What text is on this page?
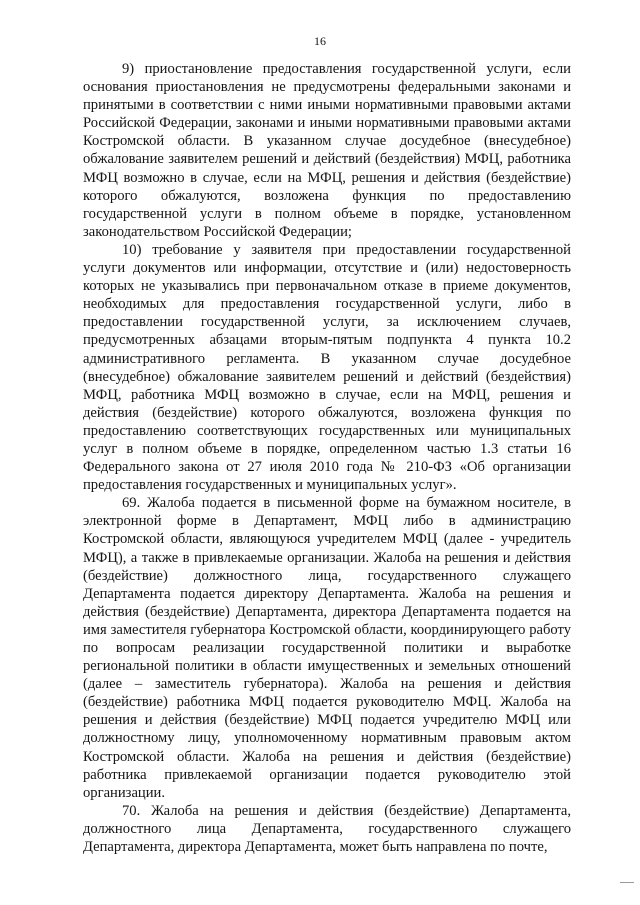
16

9) приостановление предоставления государственной услуги, если основания приостановления не предусмотрены федеральными законами и принятыми в соответствии с ними иными нормативными правовыми актами Российской Федерации, законами и иными нормативными правовыми актами Костромской области. В указанном случае досудебное (внесудебное) обжалование заявителем решений и действий (бездействия) МФЦ, работника МФЦ возможно в случае, если на МФЦ, решения и действия (бездействие) которого обжалуются, возложена функция по предоставлению государственной услуги в полном объеме в порядке, установленном законодательством Российской Федерации;

10) требование у заявителя при предоставлении государственной услуги документов или информации, отсутствие и (или) недостоверность которых не указывались при первоначальном отказе в приеме документов, необходимых для предоставления государственной услуги, либо в предоставлении государственной услуги, за исключением случаев, предусмотренных абзацами вторым-пятым подпункта 4 пункта 10.2 административного регламента. В указанном случае досудебное (внесудебное) обжалование заявителем решений и действий (бездействия) МФЦ, работника МФЦ возможно в случае, если на МФЦ, решения и действия (бездействие) которого обжалуются, возложена функция по предоставлению соответствующих государственных или муниципальных услуг в полном объеме в порядке, определенном частью 1.3 статьи 16 Федерального закона от 27 июля 2010 года № 210-ФЗ «Об организации предоставления государственных и муниципальных услуг».

69. Жалоба подается в письменной форме на бумажном носителе, в электронной форме в Департамент, МФЦ либо в администрацию Костромской области, являющуюся учредителем МФЦ (далее - учредитель МФЦ), а также в привлекаемые организации. Жалоба на решения и действия (бездействие) должностного лица, государственного служащего Департамента подается директору Департамента. Жалоба на решения и действия (бездействие) Департамента, директора Департамента подается на имя заместителя губернатора Костромской области, координирующего работу по вопросам реализации государственной политики и выработке региональной политики в области имущественных и земельных отношений (далее – заместитель губернатора). Жалоба на решения и действия (бездействие) работника МФЦ подается руководителю МФЦ. Жалоба на решения и действия (бездействие) МФЦ подается учредителю МФЦ или должностному лицу, уполномоченному нормативным правовым актом Костромской области. Жалоба на решения и действия (бездействие) работника привлекаемой организации подается руководителю этой организации.

70. Жалоба на решения и действия (бездействие) Департамента, должностного лица Департамента, государственного служащего Департамента, директора Департамента, может быть направлена по почте,
